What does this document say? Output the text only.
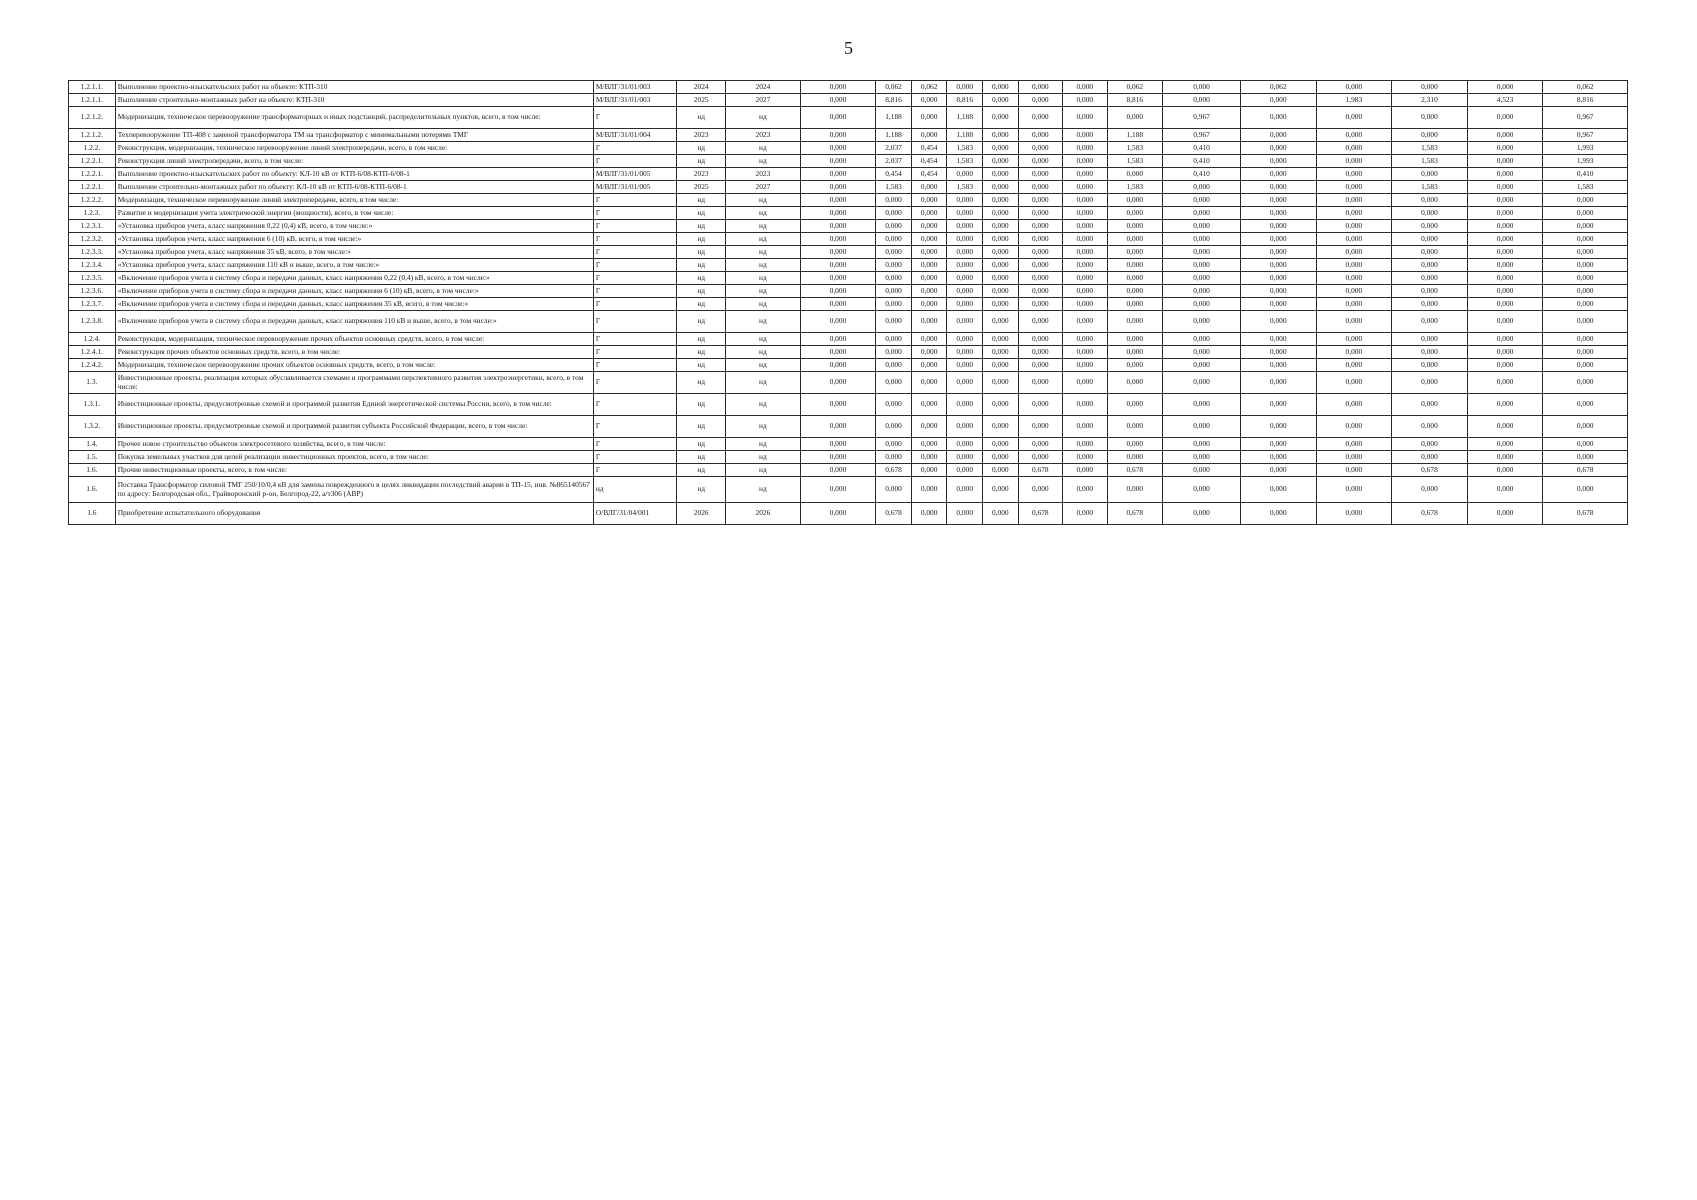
5
1.2.1.1.	Выполнение проектно-изыскательских работ на объекте: КТП-310	М/ВЛГ/31/01/003	2024	2024	0,000	0,062	0,062	0,000	0,000	0,000	0,000	0,062	0,000	0,062	0,000	0,000	0,000	0,062
1.2.1.1.	Выполнение строительно-монтажных работ на объекте: КТП-310	М/ВЛГ/31/01/003	2025	2027	0,000	8,816	0,000	8,816	0,000	0,000	0,000	8,816	0,000	0,000	1,983	2,310	4,523	8,816
1.2.1.2.	Модернизация, техническое перевооружение трансформаторных и иных подстанций, распределительных пунктов, всего, в том числе:	Г	нд	нд	0,000	1,188	0,000	1,188	0,000	0,000	0,000	0,000	0,967	0,000	0,000	0,000	0,000	0,967
1.2.1.2.	Техперевооружение ТП-408 с заменой трансформатора ТМ на трансформатор с минимальными потерями ТМГ	М/ВЛГ/31/01/004	2023	2023	0,000	1,188	0,000	1,188	0,000	0,000	0,000	1,188	0,967	0,000	0,000	0,000	0,000	0,967
1.2.2.	Реконструкция, модернизация, техническое перевооружение линий электропередачи, всего, в том числе:	Г	нд	нд	0,000	2,037	0,454	1,583	0,000	0,000	0,000	1,583	0,410	0,000	0,000	1,583	0,000	1,993
1.2.2.1.	Реконструкция линий электропередачи, всего, в том числе:	Г	нд	нд	0,000	2,037	0,454	1,583	0,000	0,000	0,000	1,583	0,410	0,000	0,000	1,583	0,000	1,993
1.2.2.1.	Выполнение проектно-изыскательских работ по объекту: КЛ-10 кВ от КТП-6/08-КТП-6/08-1	М/ВЛГ/31/01/005	2023	2023	0,000	0,454	0,454	0,000	0,000	0,000	0,000	0,000	0,410	0,000	0,000	0,000	0,000	0,410
1.2.2.1.	Выполнение строительно-монтажных работ по объекту: КЛ-10 кВ от КТП-6/08-КТП-6/08-1	М/ВЛГ/31/01/005	2025	2027	0,000	1,583	0,000	1,583	0,000	0,000	0,000	1,583	0,000	0,000	0,000	1,583	0,000	1,583
1.2.2.2.	Модернизация, техническое перевооружение линий электропередачи, всего, в том числе:	Г	нд	нд	0,000	0,000	0,000	0,000	0,000	0,000	0,000	0,000	0,000	0,000	0,000	0,000	0,000	0,000
1.2.3.	Развитие и модернизация учета электрической энергии (мощности), всего, в том числе:	Г	нд	нд	0,000	0,000	0,000	0,000	0,000	0,000	0,000	0,000	0,000	0,000	0,000	0,000	0,000	0,000
1.2.3.1.	«Установка приборов учета, класс напряжения 0,22 (0,4) кВ, всего, в том числе:»	Г	нд	нд	0,000	0,000	0,000	0,000	0,000	0,000	0,000	0,000	0,000	0,000	0,000	0,000	0,000	0,000
1.2.3.2.	«Установка приборов учета, класс напряжения 6 (10) кВ, всего, в том числе:»	Г	нд	нд	0,000	0,000	0,000	0,000	0,000	0,000	0,000	0,000	0,000	0,000	0,000	0,000	0,000	0,000
1.2.3.3.	«Установка приборов учета, класс напряжения 35 кВ, всего, в том числе:»	Г	нд	нд	0,000	0,000	0,000	0,000	0,000	0,000	0,000	0,000	0,000	0,000	0,000	0,000	0,000	0,000
1.2.3.4.	«Установка приборов учета, класс напряжения 110 кВ и выше, всего, в том числе:»	Г	нд	нд	0,000	0,000	0,000	0,000	0,000	0,000	0,000	0,000	0,000	0,000	0,000	0,000	0,000	0,000
1.2.3.5.	«Включение приборов учета в систему сбора и передачи данных, класс напряжения 0,22 (0,4) кВ, всего, в том числе:»	Г	нд	нд	0,000	0,000	0,000	0,000	0,000	0,000	0,000	0,000	0,000	0,000	0,000	0,000	0,000	0,000
1.2.3.6.	«Включение приборов учета в систему сбора и передачи данных, класс напряжения 6 (10) кВ, всего, в том числе:»	Г	нд	нд	0,000	0,000	0,000	0,000	0,000	0,000	0,000	0,000	0,000	0,000	0,000	0,000	0,000	0,000
1.2.3.7.	«Включение приборов учета в систему сбора и передачи данных, класс напряжения 35 кВ, всего, в том числе:»	Г	нд	нд	0,000	0,000	0,000	0,000	0,000	0,000	0,000	0,000	0,000	0,000	0,000	0,000	0,000	0,000
1.2.3.8.	«Включение приборов учета в систему сбора и передачи данных, класс напряжения 110 кВ и выше, всего, в том числе:»	Г	нд	нд	0,000	0,000	0,000	0,000	0,000	0,000	0,000	0,000	0,000	0,000	0,000	0,000	0,000	0,000
1.2.4.	Реконструкция, модернизация, техническое перевооружение прочих объектов основных средств, всего, в том числе:	Г	нд	нд	0,000	0,000	0,000	0,000	0,000	0,000	0,000	0,000	0,000	0,000	0,000	0,000	0,000	0,000
1.2.4.1.	Реконструкция прочих объектов основных средств, всего, в том числе:	Г	нд	нд	0,000	0,000	0,000	0,000	0,000	0,000	0,000	0,000	0,000	0,000	0,000	0,000	0,000	0,000
1.2.4.2.	Модернизация, техническое перевооружение прочих объектов основных средств, всего, в том числе:	Г	нд	нд	0,000	0,000	0,000	0,000	0,000	0,000	0,000	0,000	0,000	0,000	0,000	0,000	0,000	0,000
1.3.	Инвестиционные проекты, реализация которых обуславливается схемами и программами перспективного развития электроэнергетики, всего, в том числе:	Г	нд	нд	0,000	0,000	0,000	0,000	0,000	0,000	0,000	0,000	0,000	0,000	0,000	0,000	0,000	0,000
1.3.1.	Инвестиционные проекты, предусмотренные схемой и программой развития Единой энергетической системы России, всего, в том числе:	Г	нд	нд	0,000	0,000	0,000	0,000	0,000	0,000	0,000	0,000	0,000	0,000	0,000	0,000	0,000	0,000
1.3.2.	Инвестиционные проекты, предусмотренные схемой и программой развития субъекта Российской Федерации, всего, в том числе:	Г	нд	нд	0,000	0,000	0,000	0,000	0,000	0,000	0,000	0,000	0,000	0,000	0,000	0,000	0,000	0,000
1.4.	Прочее новое строительство объектов электросетевого хозяйства, всего, в том числе:	Г	нд	нд	0,000	0,000	0,000	0,000	0,000	0,000	0,000	0,000	0,000	0,000	0,000	0,000	0,000	0,000
1.5.	Покупка земельных участков для целей реализации инвестиционных проектов, всего, в том числе:	Г	нд	нд	0,000	0,000	0,000	0,000	0,000	0,000	0,000	0,000	0,000	0,000	0,000	0,000	0,000	0,000
1.6.	Прочие инвестиционные проекты, всего, в том числе:	Г	нд	нд	0,000	0,678	0,000	0,000	0,000	0,678	0,000	0,678	0,000	0,000	0,000	0,678	0,000	0,678
1.6.	Поставка Трансформатор силовой ТМГ 250/10/0,4 кВ для замены поврежденного в целях ликвидации последствий аварии в ТП-15, инв. №865140567 по адресу: Белгородская обл., Грайворонский р-он, Белгород-22, а/т306 (АВР)	нд	нд	нд	0,000	0,000	0,000	0,000	0,000	0,000	0,000	0,000	0,000	0,000	0,000	0,000	0,000	0,000
1.6	Приобретение испытательного оборудования	О/ВЛГ/31/04/001	2026	2026	0,000	0,678	0,000	0,000	0,000	0,678	0,000	0,678	0,000	0,000	0,000	0,678	0,000	0,678
